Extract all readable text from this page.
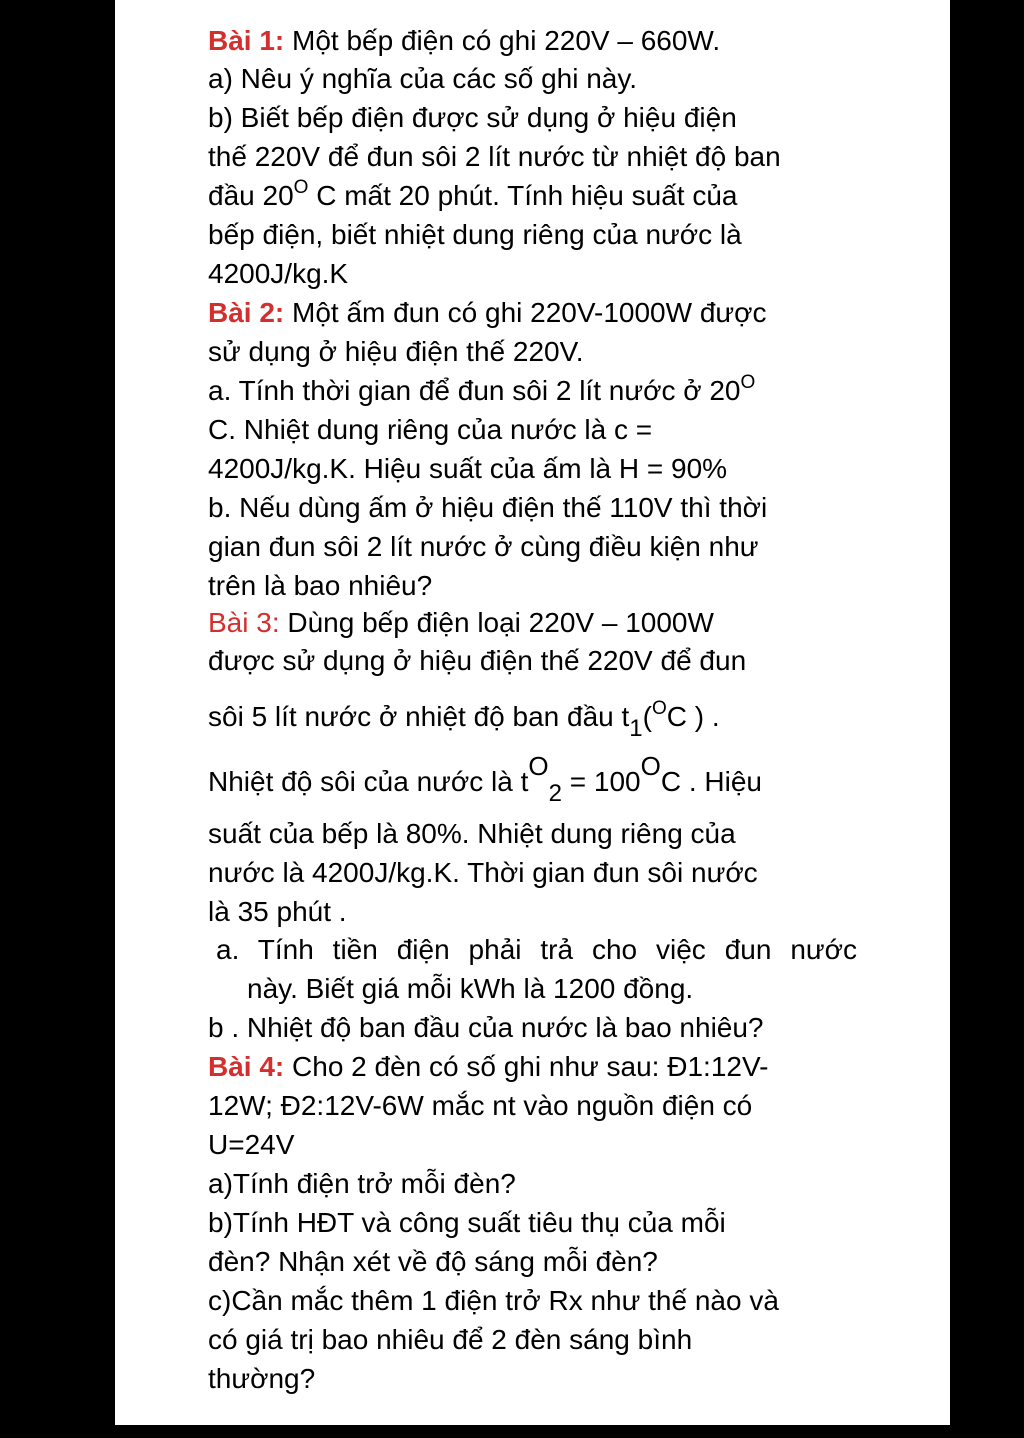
Bài 1: Một bếp điện có ghi 220V – 660W.
a) Nêu ý nghĩa của các số ghi này.
b) Biết bếp điện được sử dụng ở hiệu điện
thế 220V để đun sôi 2 lít nước từ nhiệt độ ban
đầu $20^O$ C mất 20 phút. Tính hiệu suất của
bếp điện, biết nhiệt dung riêng của nước là
4200J/kg.K
Bài 2: Một ấm đun có ghi 220V-1000W được
sử dụng ở hiệu điện thế 220V.
a. Tính thời gian để đun sôi 2 lít nước ở $20^O$
C. Nhiệt dung riêng của nước là c =
4200J/kg.K. Hiệu suất của ấm là H = 90%
b. Nếu dùng ấm ở hiệu điện thế 110V thì thời
gian đun sôi 2 lít nước ở cùng điều kiện như
trên là bao nhiêu?
Bài 3: Dùng bếp điện loại 220V – 1000W
được sử dụng ở hiệu điện thế 220V để đun
sôi 5 lít nước ở nhiệt độ ban đầu t1($^O$C ) .
Nhiệt độ sôi của nước là tO2 = 100OC . Hiệu
suất của bếp là 80%. Nhiệt dung riêng của
nước là 4200J/kg.K. Thời gian đun sôi nước
là 35 phút .
a. Tính tiền điện phải trả cho việc đun nước
này. Biết giá mỗi kWh là 1200 đồng.
b . Nhiệt độ ban đầu của nước là bao nhiêu?
Bài 4: Cho 2 đèn có số ghi như sau: Đ1:12V-
12W; Đ2:12V-6W mắc nt vào nguồn điện có
U=24V
a)Tính điện trở mỗi đèn?
b)Tính HĐT và công suất tiêu thụ của mỗi
đèn? Nhận xét về độ sáng mỗi đèn?
c)Cần mắc thêm 1 điện trở Rx như thế nào và
có giá trị bao nhiêu để 2 đèn sáng bình
thường?
